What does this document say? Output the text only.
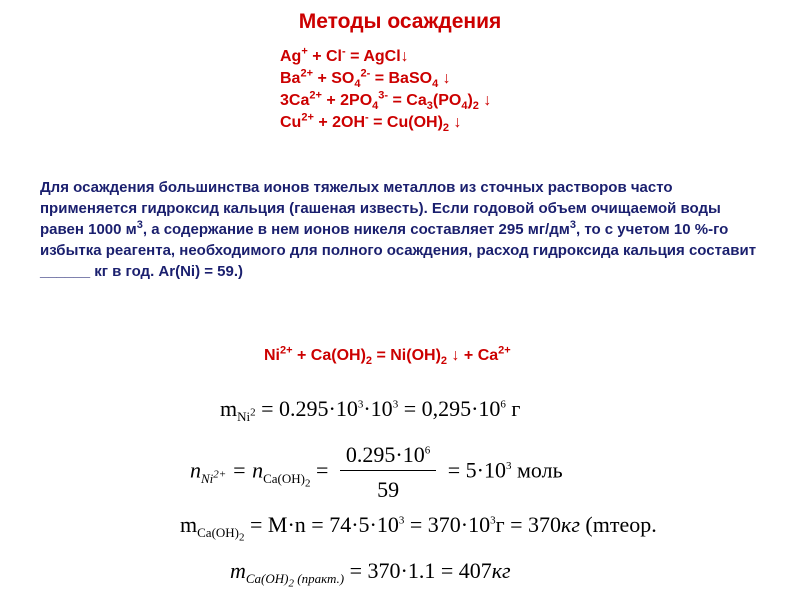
Методы осаждения
Ag+ + Cl- = AgCl↓
$Ba^{2+} + SO_4^{2-}$ = BaSO$_4$ ↓
$3Ca^{2+} + 2PO_4^{3-} = Ca_3(PO_4)_2$ ↓
$Cu^{2+} + 2OH^- = Cu(OH)_2$ ↓
Для осаждения большинства ионов тяжелых металлов из сточных растворов часто применяется гидроксид кальция (гашеная известь). Если годовой объем очищаемой воды равен 1000 $м^3$, а содержание в нем ионов никеля составляет 295 $мг/дм^3$, то с учетом 10 %-го избытка реагента, необходимого для полного осаждения, расход гидроксида кальция составит ______ кг в год. Ar(Ni) = 59.)
$Ni^{2+} + Ca(OH)_2 = Ni(OH)_2$ ↓ + $Ca^{2+}$
$m_{Ni^2} = 0.295\cdot 10^3\cdot 10^3 = 0,295\cdot 10^6$ г
$n_{Ni^{2+}} = n_{Ca(OH)_2} = \frac{0.295\cdot 10^6}{59} = 5\cdot 10^3$ моль
$m_{Ca(OH)_2} = M\cdot n = 74\cdot 5\cdot 10^3 = 370\cdot 10^3г = 370кг$ (mтеор.
$m_{Ca(OH)_2 (практ.)} = 370\cdot 1.1 = 407кг$
